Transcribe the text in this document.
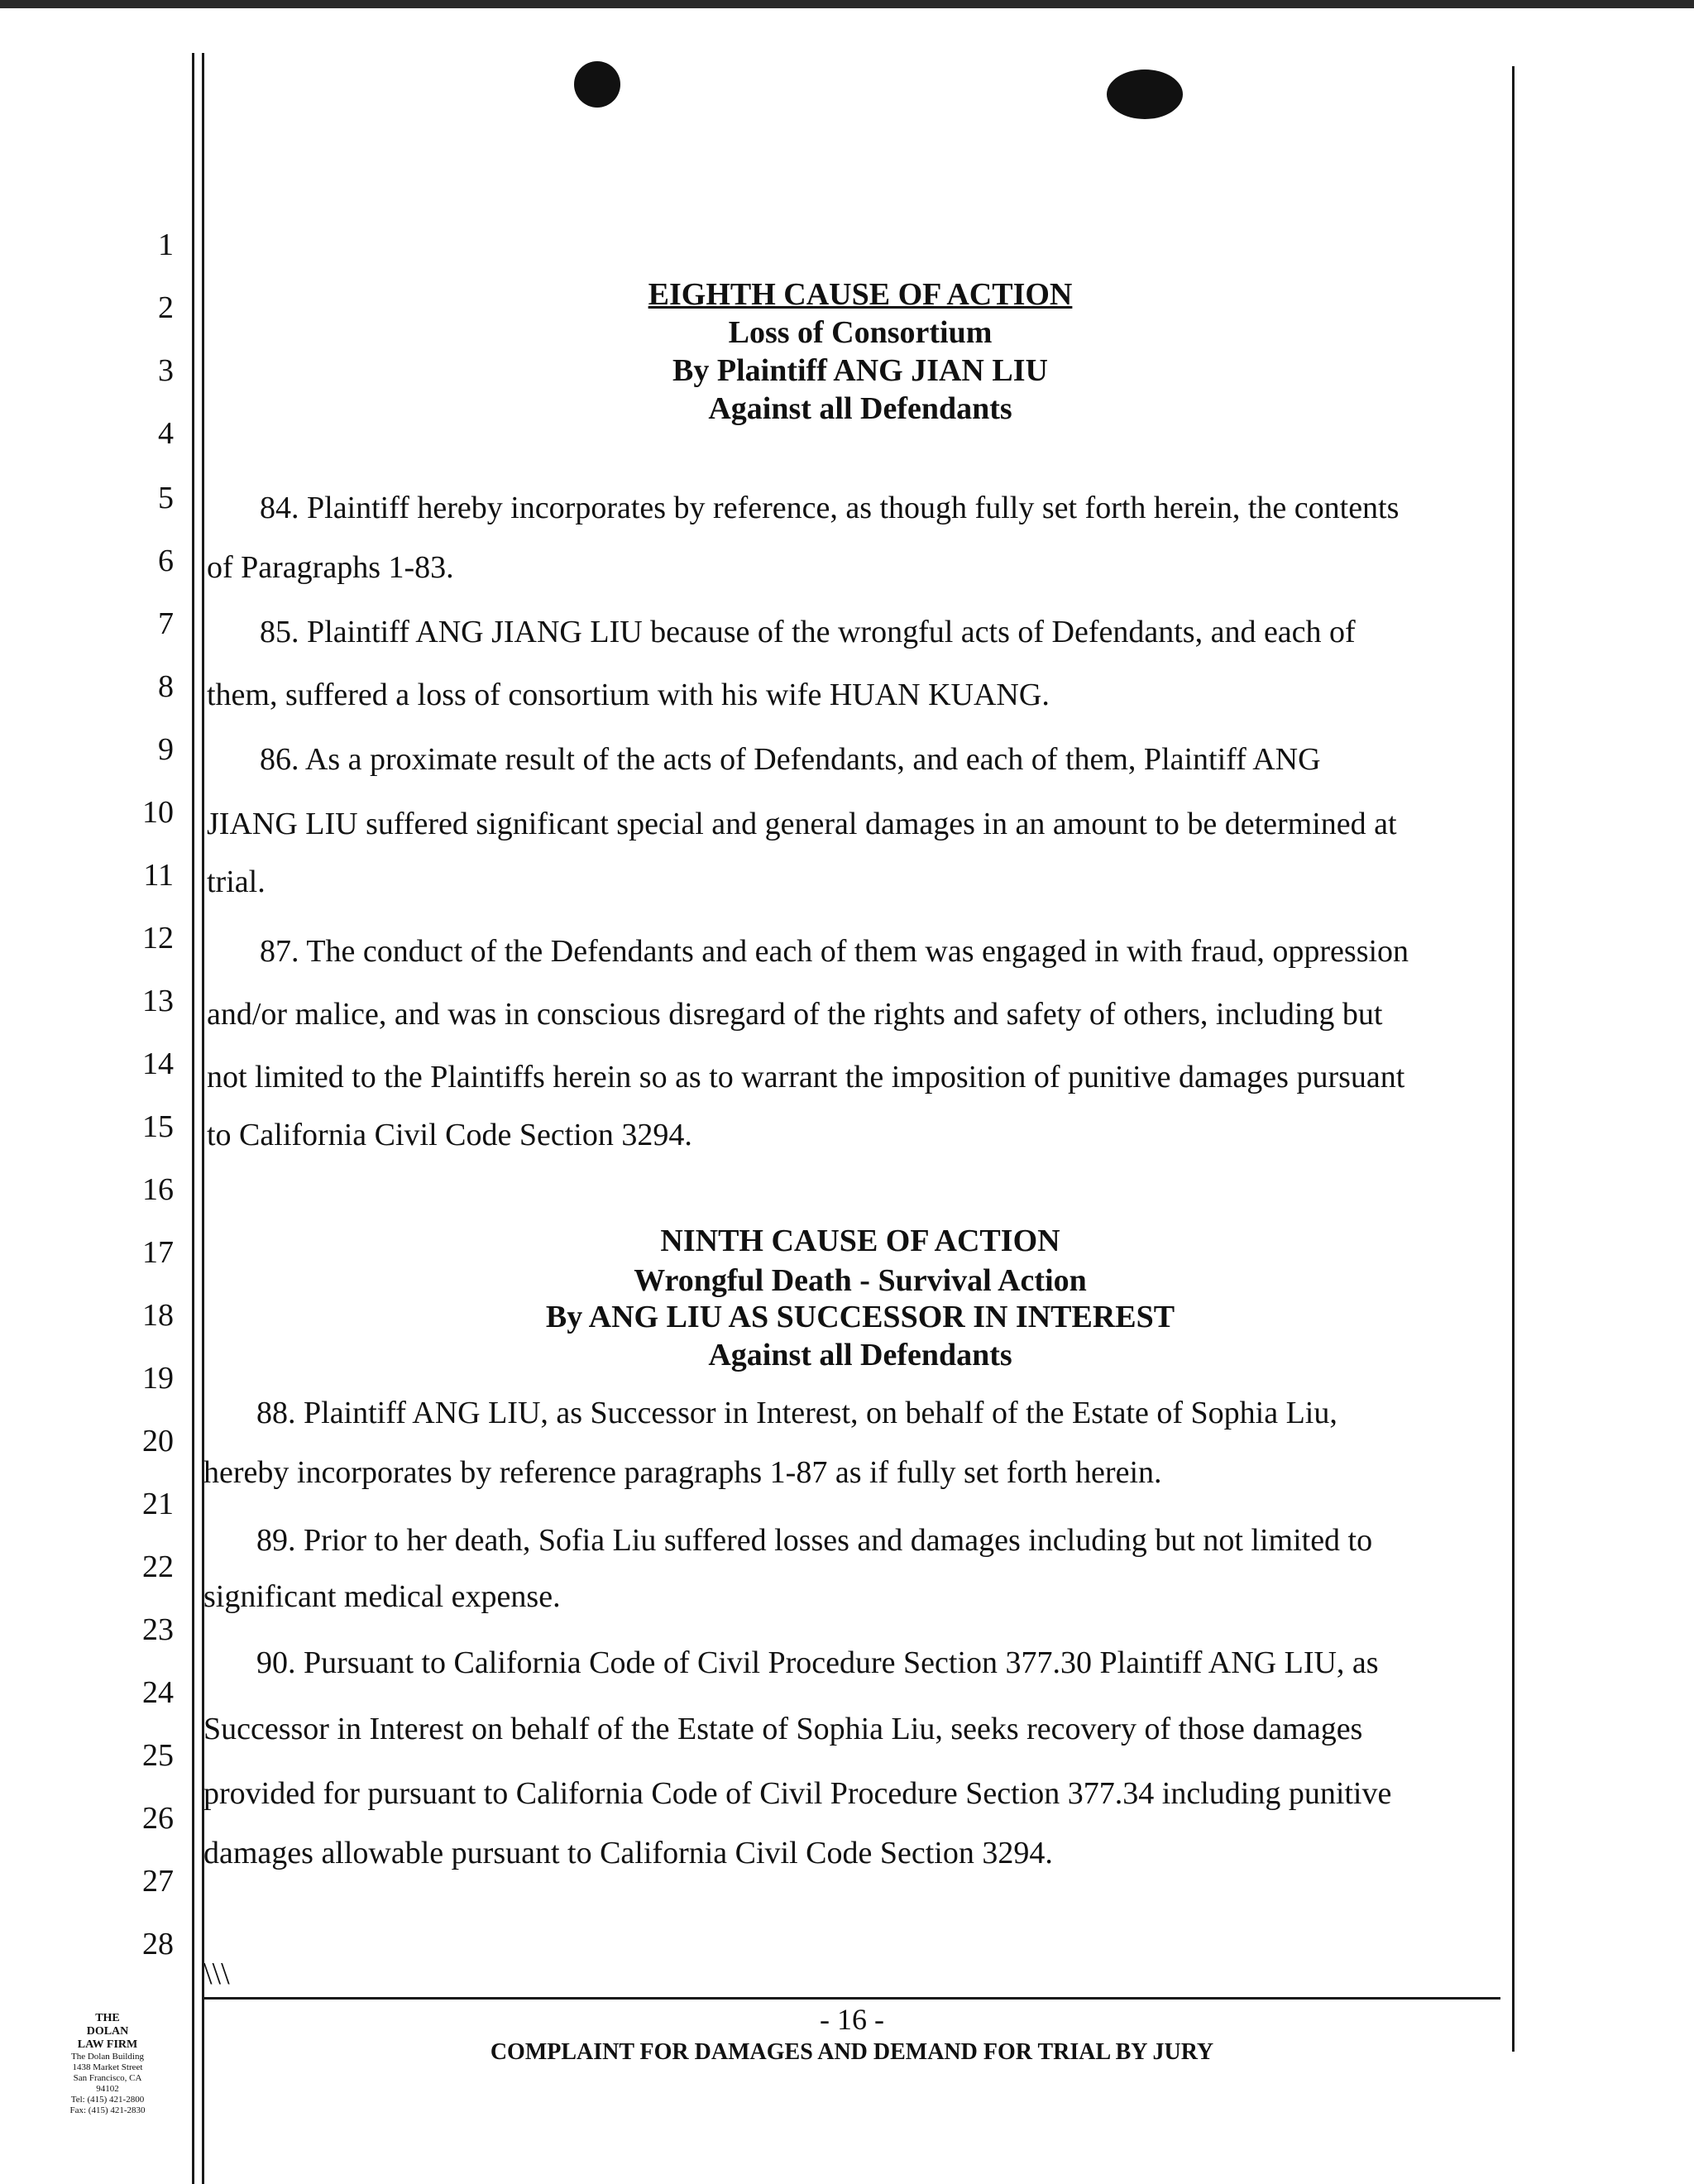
1
2
3
4
5
6
7
8
9
10
11
12
13
14
15
16
17
18
19
20
21
22
23
24
25
26
27
28
EIGHTH CAUSE OF ACTION
Loss of Consortium
By Plaintiff ANG JIAN LIU
Against all Defendants
84. Plaintiff hereby incorporates by reference, as though fully set forth herein, the contents
of Paragraphs 1-83.
85. Plaintiff ANG JIANG LIU because of the wrongful acts of Defendants, and each of
them, suffered a loss of consortium with his wife HUAN KUANG.
86. As a proximate result of the acts of Defendants, and each of them, Plaintiff ANG
JIANG LIU suffered significant special and general damages in an amount to be determined at
trial.
87. The conduct of the Defendants and each of them was engaged in with fraud, oppression
and/or malice, and was in conscious disregard of the rights and safety of others, including but
not limited to the Plaintiffs herein so as to warrant the imposition of punitive damages pursuant
to California Civil Code Section 3294.
NINTH CAUSE OF ACTION
Wrongful Death - Survival Action
By ANG LIU AS SUCCESSOR IN INTEREST
Against all Defendants
88. Plaintiff ANG LIU, as Successor in Interest, on behalf of the Estate of Sophia Liu,
hereby incorporates by reference paragraphs 1-87 as if fully set forth herein.
89. Prior to her death, Sofia Liu suffered losses and damages including but not limited to
significant medical expense.
90. Pursuant to California Code of Civil Procedure Section 377.30 Plaintiff ANG LIU, as
Successor in Interest on behalf of the Estate of Sophia Liu, seeks recovery of those damages
provided for pursuant to California Code of Civil Procedure Section 377.34 including punitive
damages allowable pursuant to California Civil Code Section 3294.
\\\
THE
DOLAN
LAW FIRM
The Dolan Building
1438 Market Street
San Francisco, CA
94102
Tel: (415) 421-2800
Fax: (415) 421-2830
- 16 -
COMPLAINT FOR DAMAGES AND DEMAND FOR TRIAL BY JURY
